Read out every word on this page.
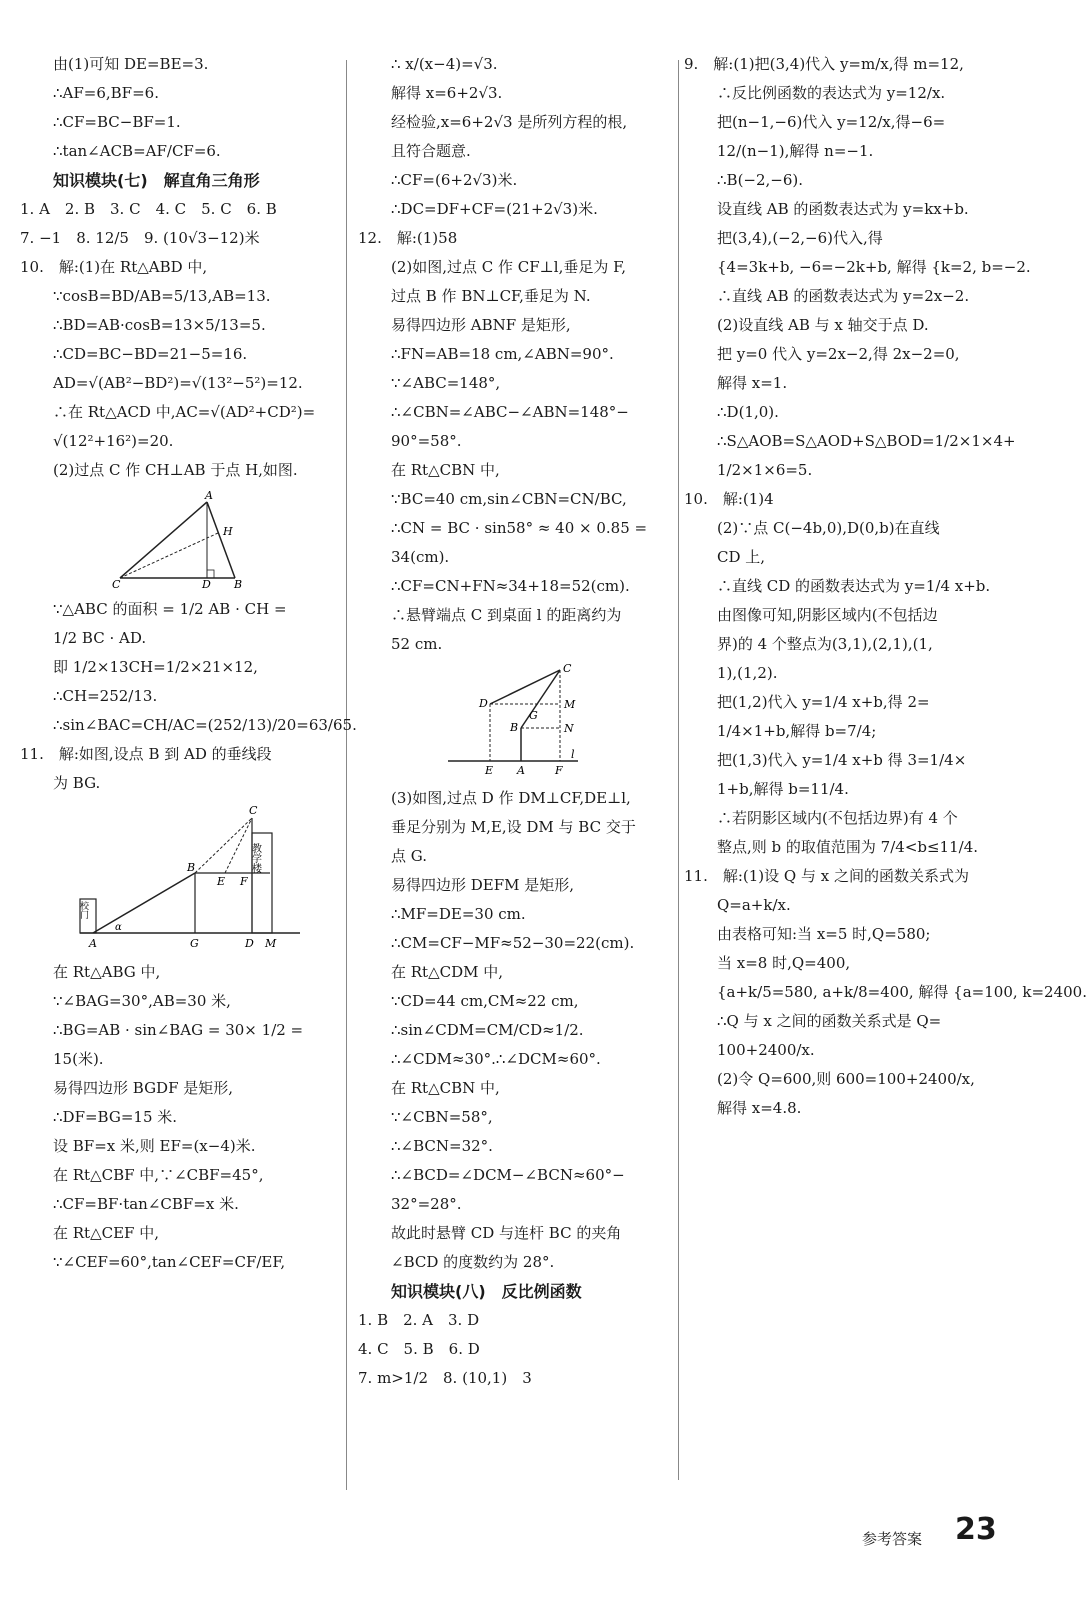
由(1)可知 DE=BE=3.
∴AF=6,BF=6.
∴CF=BC−BF=1.
∴tan∠ACB=AF/CF=6.
知识模块(七)　解直角三角形
1. A　2. B　3. C　4. C　5. C　6. B
7. −1　8. 12/5　9. (10√3−12)米
10.　解:(1)在 Rt△ABD 中,
∵cosB=BD/AB=5/13,AB=13.
∴BD=AB·cosB=13×5/13=5.
∴CD=BC−BD=21−5=16.
AD=√(AB²−BD²)=√(13²−5²)=12.
∴在 Rt△ACD 中,AC=√(AD²+CD²)=
√(12²+16²)=20.
(2)过点 C 作 CH⊥AB 于点 H,如图.
A
H
C	D B
∵△ABC 的面积 = 1/2 AB · CH =
1/2 BC · AD.
即 1/2×13CH=1/2×21×12,
∴CH=252/13.
∴sin∠BAC=CH/AC=(252/13)/20=63/65.
11.　解:如图,设点 B 到 AD 的垂线段
为 BG.
C
教学楼
校门
B
E F
α
A	G	D M
在 Rt△ABG 中,
∵∠BAG=30°,AB=30 米,
∴BG=AB · sin∠BAG = 30× 1/2 =
15(米).
易得四边形 BGDF 是矩形,
∴DF=BG=15 米.
设 BF=x 米,则 EF=(x−4)米.
在 Rt△CBF 中,∵∠CBF=45°,
∴CF=BF·tan∠CBF=x 米.
在 Rt△CEF 中,
∵∠CEF=60°,tan∠CEF=CF/EF,
∴ x/(x−4)=√3.
解得 x=6+2√3.
经检验,x=6+2√3 是所列方程的根,
且符合题意.
∴CF=(6+2√3)米.
∴DC=DF+CF=(21+2√3)米.
12.　解:(1)58
(2)如图,过点 C 作 CF⊥l,垂足为 F,
过点 B 作 BN⊥CF,垂足为 N.
易得四边形 ABNF 是矩形,
∴FN=AB=18 cm,∠ABN=90°.
∵∠ABC=148°,
∴∠CBN=∠ABC−∠ABN=148°−
90°=58°.
在 Rt△CBN 中,
∵BC=40 cm,sin∠CBN=CN/BC,
∴CN = BC · sin58° ≈ 40 × 0.85 =
34(cm).
∴CF=CN+FN≈34+18=52(cm).
∴悬臂端点 C 到桌面 l 的距离约为
52 cm.
C
D	M
G
B	N
E A	F
l
(3)如图,过点 D 作 DM⊥CF,DE⊥l,
垂足分别为 M,E,设 DM 与 BC 交于
点 G.
易得四边形 DEFM 是矩形,
∴MF=DE=30 cm.
∴CM=CF−MF≈52−30=22(cm).
在 Rt△CDM 中,
∵CD=44 cm,CM≈22 cm,
∴sin∠CDM=CM/CD≈1/2.
∴∠CDM≈30°.∴∠DCM≈60°.
在 Rt△CBN 中,
∵∠CBN=58°,
∴∠BCN=32°.
∴∠BCD=∠DCM−∠BCN≈60°−
32°=28°.
故此时悬臂 CD 与连杆 BC 的夹角
∠BCD 的度数约为 28°.
知识模块(八)　反比例函数
1. B　2. A　3. D
4. C　5. B　6. D
7. m>1/2　8. (10,1)　3
9.　解:(1)把(3,4)代入 y=m/x,得 m=12,
∴反比例函数的表达式为 y=12/x.
把(n−1,−6)代入 y=12/x,得−6=
12/(n−1),解得 n=−1.
∴B(−2,−6).
设直线 AB 的函数表达式为 y=kx+b.
把(3,4),(−2,−6)代入,得
{4=3k+b, −6=−2k+b, 解得 {k=2, b=−2.
∴直线 AB 的函数表达式为 y=2x−2.
(2)设直线 AB 与 x 轴交于点 D.
把 y=0 代入 y=2x−2,得 2x−2=0,
解得 x=1.
∴D(1,0).
∴S△AOB=S△AOD+S△BOD=1/2×1×4+
1/2×1×6=5.
10.　解:(1)4
(2)∵点 C(−4b,0),D(0,b)在直线
CD 上,
∴直线 CD 的函数表达式为 y=1/4 x+b.
由图像可知,阴影区域内(不包括边
界)的 4 个整点为(3,1),(2,1),(1,
1),(1,2).
把(1,2)代入 y=1/4 x+b,得 2=
1/4×1+b,解得 b=7/4;
把(1,3)代入 y=1/4 x+b 得 3=1/4×
1+b,解得 b=11/4.
∴若阴影区域内(不包括边界)有 4 个
整点,则 b 的取值范围为 7/4<b≤11/4.
11.　解:(1)设 Q 与 x 之间的函数关系式为
Q=a+k/x.
由表格可知:当 x=5 时,Q=580;
当 x=8 时,Q=400,
{a+k/5=580, a+k/8=400, 解得 {a=100, k=2400.
∴Q 与 x 之间的函数关系式是 Q=
100+2400/x.
(2)令 Q=600,则 600=100+2400/x,
解得 x=4.8.
参考答案 23
